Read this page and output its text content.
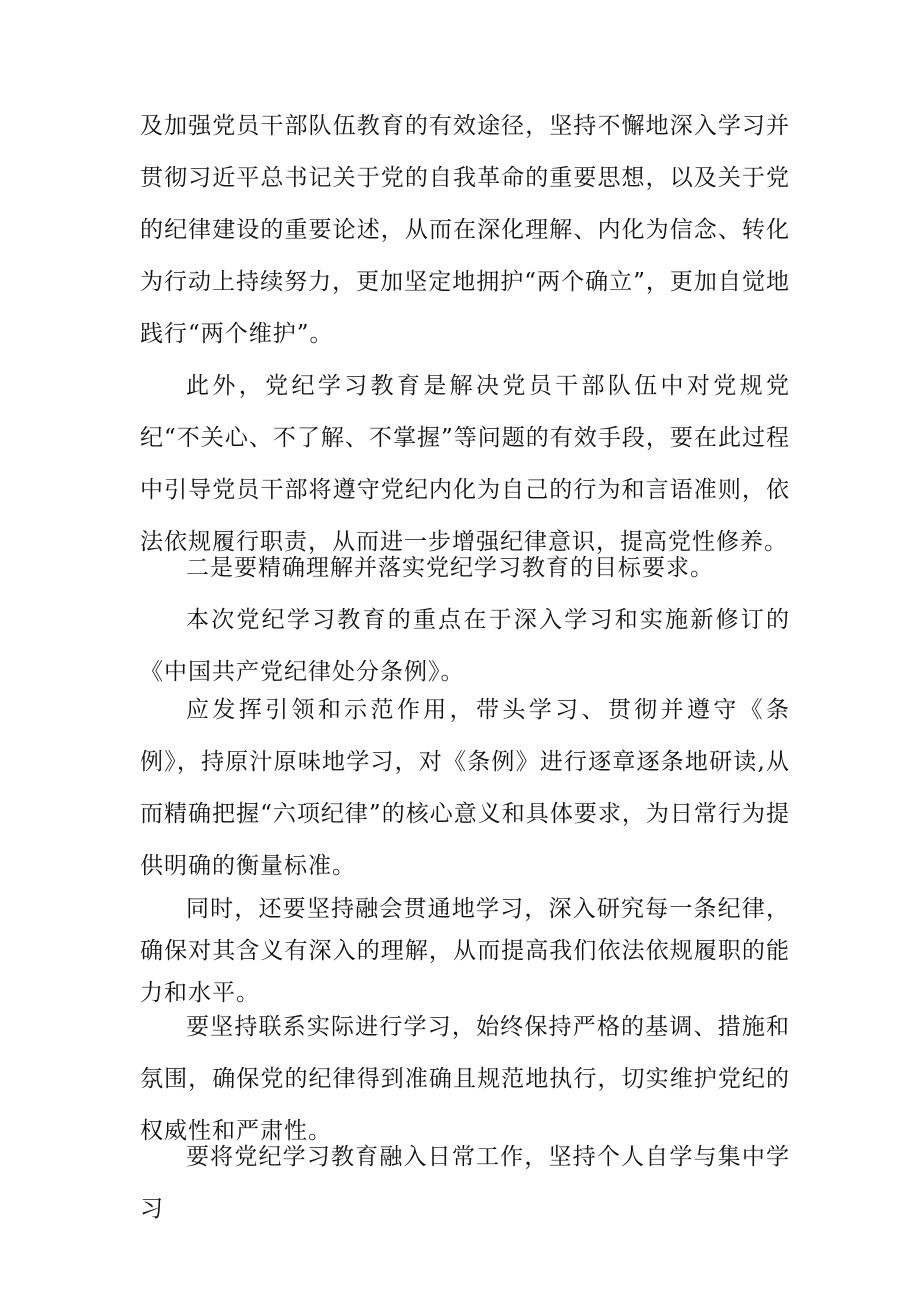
及加强党员干部队伍教育的有效途径，坚持不懈地深入学习并贯彻习近平总书记关于党的自我革命的重要思想，以及关于党的纪律建设的重要论述，从而在深化理解、内化为信念、转化为行动上持续努力，更加坚定地拥护“两个确立”，更加自觉地践行“两个维护”。

此外，党纪学习教育是解决党员干部队伍中对党规党纪“不关心、不了解、不掌握”等问题的有效手段，要在此过程中引导党员干部将遵守党纪内化为自己的行为和言语准则，依法依规履行职责，从而进一步增强纪律意识，提高党性修养。

二是要精确理解并落实党纪学习教育的目标要求。

本次党纪学习教育的重点在于深入学习和实施新修订的《中国共产党纪律处分条例》。

应发挥引领和示范作用，带头学习、贯彻并遵守《条例》，持原汁原味地学习，对《条例》进行逐章逐条地研读,从而精确把握“六项纪律”的核心意义和具体要求，为日常行为提供明确的衡量标准。

同时，还要坚持融会贯通地学习，深入研究每一条纪律，确保对其含义有深入的理解，从而提高我们依法依规履职的能力和水平。

要坚持联系实际进行学习，始终保持严格的基调、措施和氛围，确保党的纪律得到准确且规范地执行，切实维护党纪的权威性和严肃性。

要将党纪学习教育融入日常工作，坚持个人自学与集中学习
